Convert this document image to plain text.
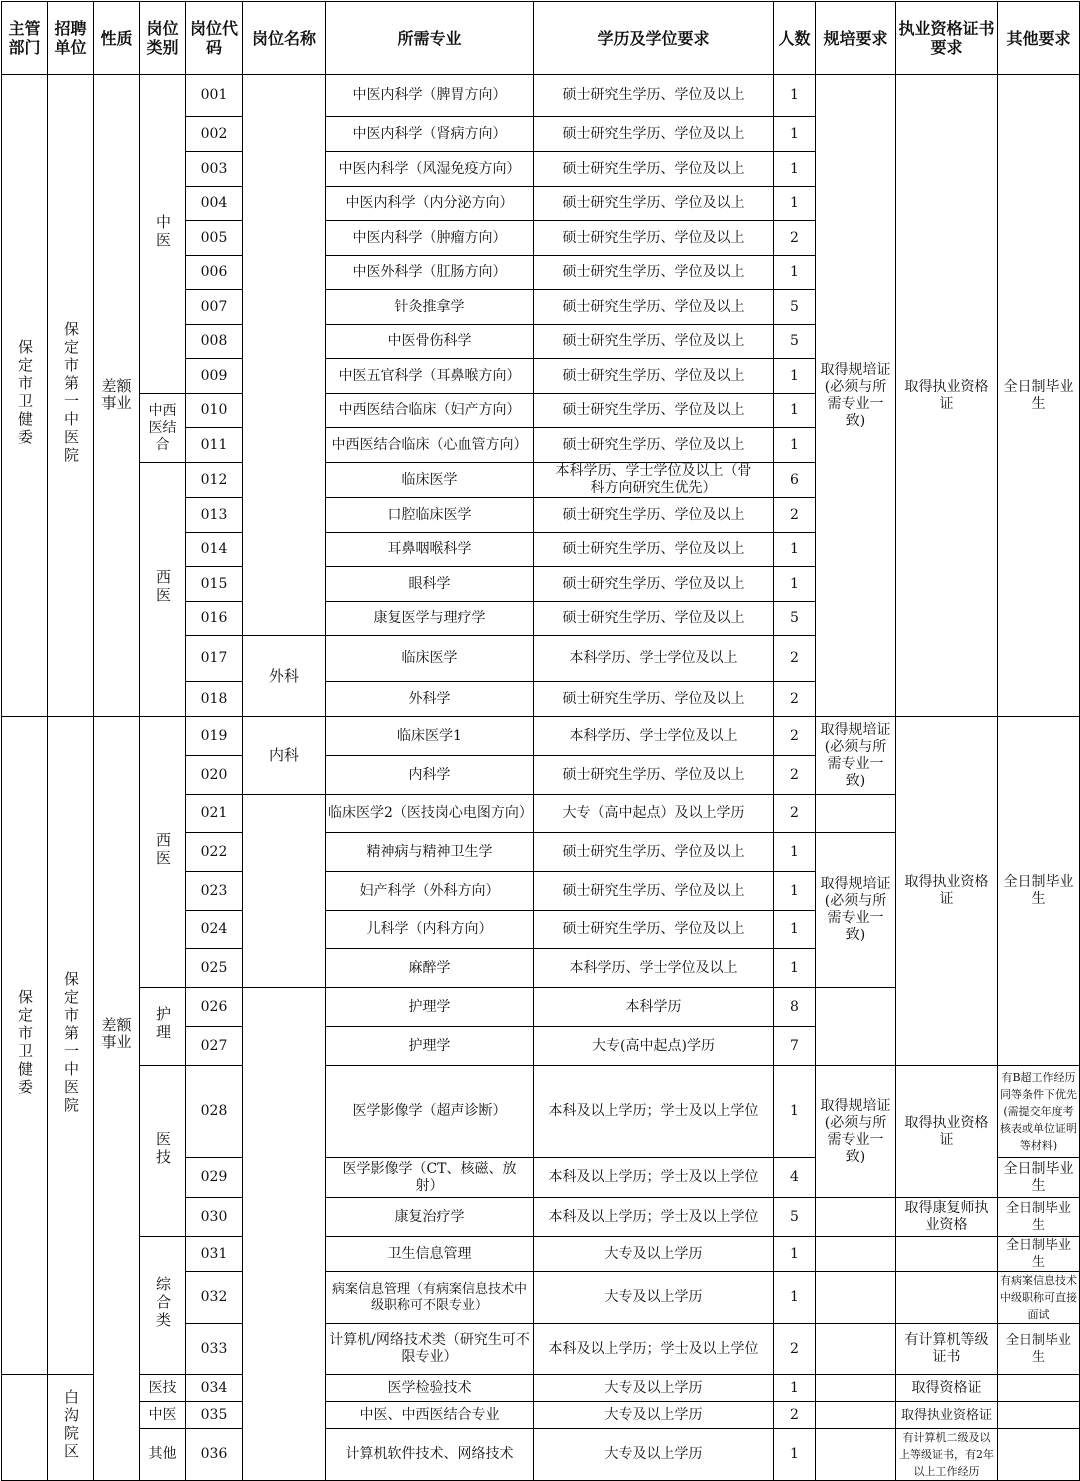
主管部门	招聘单位	性质	岗位类别	岗位代码	岗位名称	所需专业	学历及学位要求	人数	规培要求	执业资格证书要求	其他要求
保定市卫健委	保定市第一中医院	差额事业	中医	001		中医内科学（脾胃方向）	硕士研究生学历、学位及以上	1	取得规培证(必须与所需专业一致)	取得执业资格证	全日制毕业生
				002		中医内科学（肾病方向）	硕士研究生学历、学位及以上	1			
				003		中医内科学（风湿免疫方向）	硕士研究生学历、学位及以上	1			
				004		中医内科学（内分泌方向）	硕士研究生学历、学位及以上	1			
				005		中医内科学（肿瘤方向）	硕士研究生学历、学位及以上	2			
				006		中医外科学（肛肠方向）	硕士研究生学历、学位及以上	1			
				007		针灸推拿学	硕士研究生学历、学位及以上	5			
				008		中医骨伤科学	硕士研究生学历、学位及以上	5			
				009		中医五官科学（耳鼻喉方向）	硕士研究生学历、学位及以上	1			
			中西医结合	010		中西医结合临床（妇产方向）	硕士研究生学历、学位及以上	1			
				011		中西医结合临床（心血管方向）	硕士研究生学历、学位及以上	1			
			西医	012		临床医学	本科学历、学士学位及以上（骨科方向研究生优先）	6			
				013		口腔临床医学	硕士研究生学历、学位及以上	2			
				014		耳鼻咽喉科学	硕士研究生学历、学位及以上	1			
				015		眼科学	硕士研究生学历、学位及以上	1			
				016		康复医学与理疗学	硕士研究生学历、学位及以上	5			
				017	外科	临床医学	本科学历、学士学位及以上	2			
				018		外科学	硕士研究生学历、学位及以上	2			
保定市卫健委	保定市第一中医院	差额事业	西医	019	内科	临床医学1	本科学历、学士学位及以上	2	取得规培证(必须与所需专业一致)	取得执业资格证	全日制毕业生
				020		内科学	硕士研究生学历、学位及以上	2			
				021		临床医学2（医技岗心电图方向）	大专（高中起点）及以上学历	2			
				022		精神病与精神卫生学	硕士研究生学历、学位及以上	1	取得规培证(必须与所需专业一致)		
				023		妇产科学（外科方向）	硕士研究生学历、学位及以上	1			
				024		儿科学（内科方向）	硕士研究生学历、学位及以上	1			
				025		麻醉学	本科学历、学士学位及以上	1			
			护理	026		护理学	本科学历	8			
				027		护理学	大专(高中起点)学历	7			
			医技	028		医学影像学（超声诊断）	本科及以上学历；学士及以上学位	1	取得规培证(必须与所需专业一致)	取得执业资格证	有B超工作经历同等条件下优先(需提交年度考核表或单位证明等材料)
				029		医学影像学（CT、核磁、放射）	本科及以上学历；学士及以上学位	4			全日制毕业生
				030		康复治疗学	本科及以上学历；学士及以上学位	5		取得康复师执业资格	全日制毕业生
			综合类	031		卫生信息管理	大专及以上学历	1			全日制毕业生
				032		病案信息管理（有病案信息技术中级职称可不限专业）	大专及以上学历	1			有病案信息技术中级职称可直接面试
				033		计算机/网络技术类（研究生可不限专业）	本科及以上学历；学士及以上学位	2		有计算机等级证书	全日制毕业生
	白沟院区		医技	034		医学检验技术	大专及以上学历	1		取得资格证	
			中医	035		中医、中西医结合专业	大专及以上学历	2		取得执业资格证	
			其他	036		计算机软件技术、网络技术	大专及以上学历	1		有计算机二级及以上等级证书，有2年以上工作经历	
